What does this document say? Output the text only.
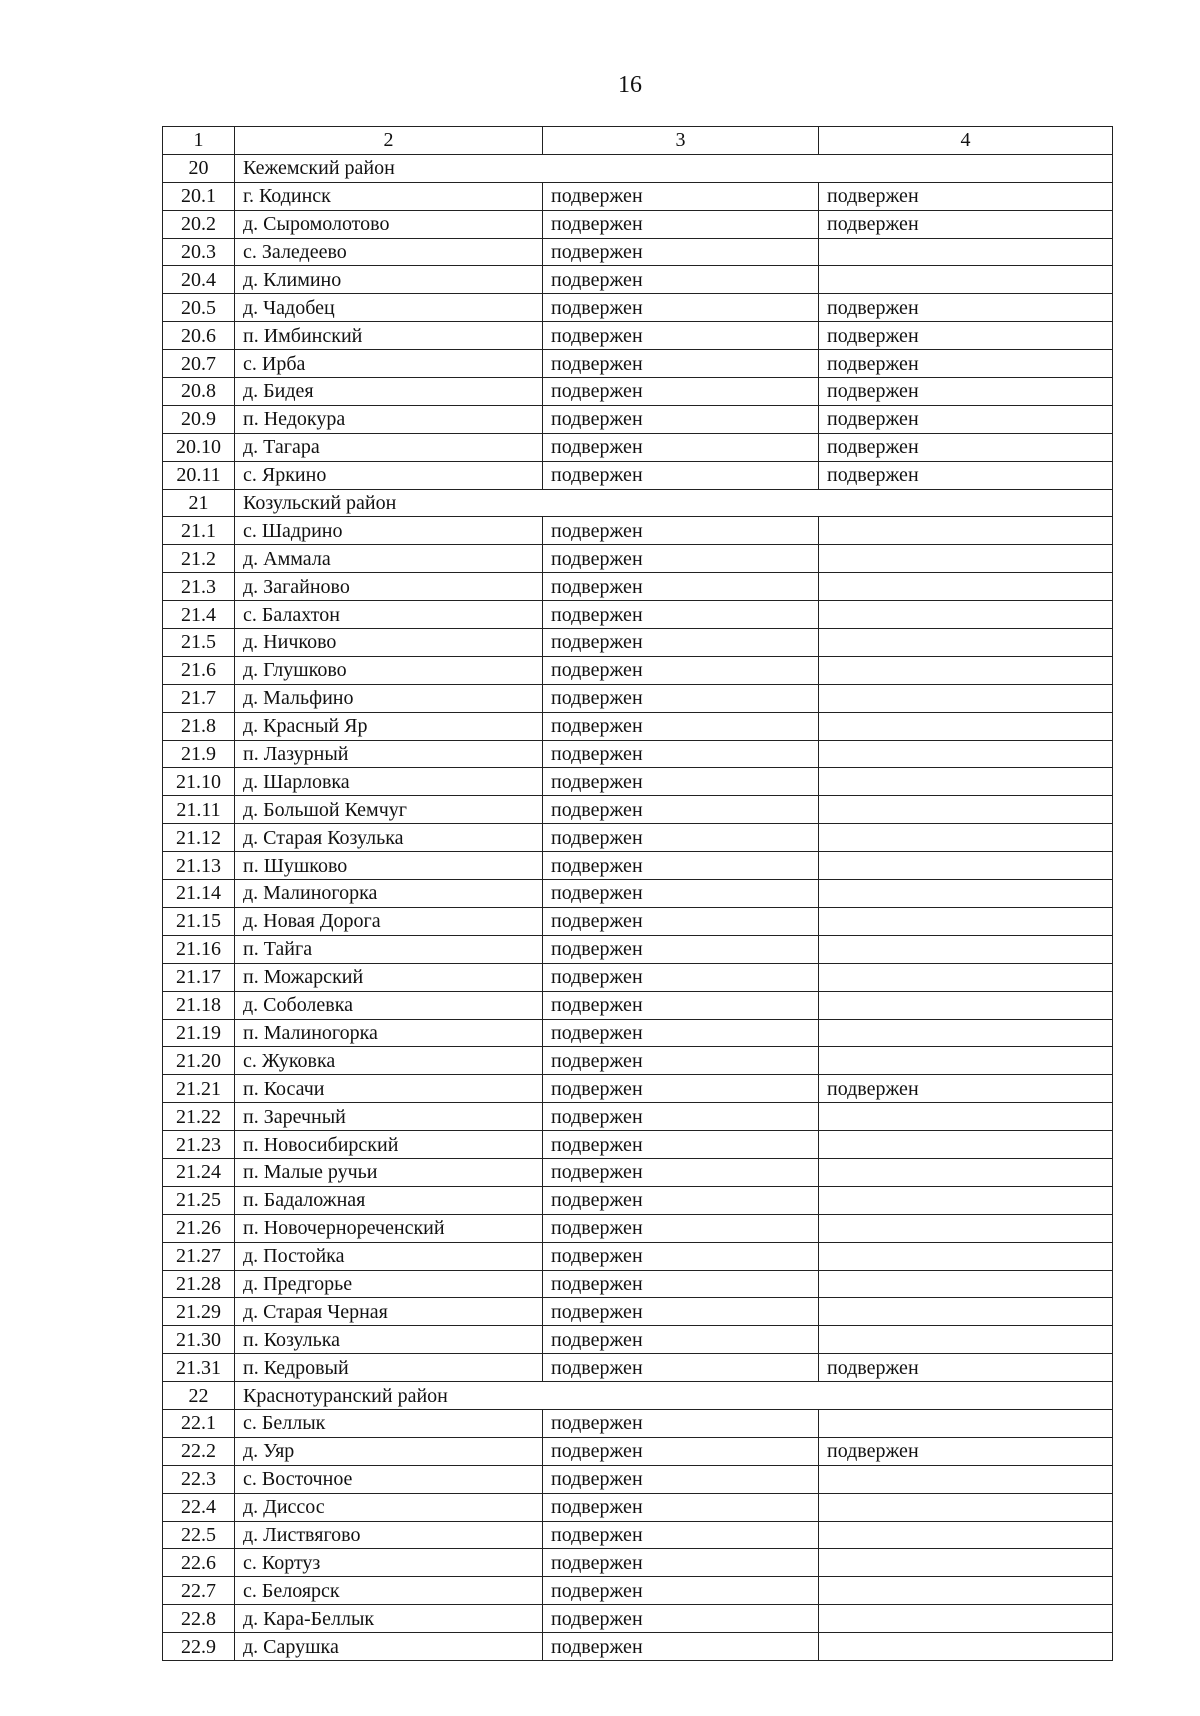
16
1	2	3	4
20	Кежемский район		
20.1	г. Кодинск	подвержен	подвержен
20.2	д. Сыромолотово	подвержен	подвержен
20.3	с. Заледеево	подвержен	
20.4	д. Климино	подвержен	
20.5	д. Чадобец	подвержен	подвержен
20.6	п. Имбинский	подвержен	подвержен
20.7	с. Ирба	подвержен	подвержен
20.8	д. Бидея	подвержен	подвержен
20.9	п. Недокура	подвержен	подвержен
20.10	д. Тагара	подвержен	подвержен
20.11	с. Яркино	подвержен	подвержен
21	Козульский район		
21.1	с. Шадрино	подвержен	
21.2	д. Аммала	подвержен	
21.3	д. Загайново	подвержен	
21.4	с. Балахтон	подвержен	
21.5	д. Ничково	подвержен	
21.6	д. Глушково	подвержен	
21.7	д. Мальфино	подвержен	
21.8	д. Красный Яр	подвержен	
21.9	п. Лазурный	подвержен	
21.10	д. Шарловка	подвержен	
21.11	д. Большой Кемчуг	подвержен	
21.12	д. Старая Козулька	подвержен	
21.13	п. Шушково	подвержен	
21.14	д. Малиногорка	подвержен	
21.15	д. Новая Дорога	подвержен	
21.16	п. Тайга	подвержен	
21.17	п. Можарский	подвержен	
21.18	д. Соболевка	подвержен	
21.19	п. Малиногорка	подвержен	
21.20	с. Жуковка	подвержен	
21.21	п. Косачи	подвержен	подвержен
21.22	п. Заречный	подвержен	
21.23	п. Новосибирский	подвержен	
21.24	п. Малые ручьи	подвержен	
21.25	п. Бадаложная	подвержен	
21.26	п. Новочернореченский	подвержен	
21.27	д. Постойка	подвержен	
21.28	д. Предгорье	подвержен	
21.29	д. Старая Черная	подвержен	
21.30	п. Козулька	подвержен	
21.31	п. Кедровый	подвержен	подвержен
22	Краснотуранский район		
22.1	с. Беллык	подвержен	
22.2	д. Уяр	подвержен	подвержен
22.3	с. Восточное	подвержен	
22.4	д. Диссос	подвержен	
22.5	д. Листвягово	подвержен	
22.6	с. Кортуз	подвержен	
22.7	с. Белоярск	подвержен	
22.8	д. Кара-Беллык	подвержен	
22.9	д. Сарушка	подвержен	
